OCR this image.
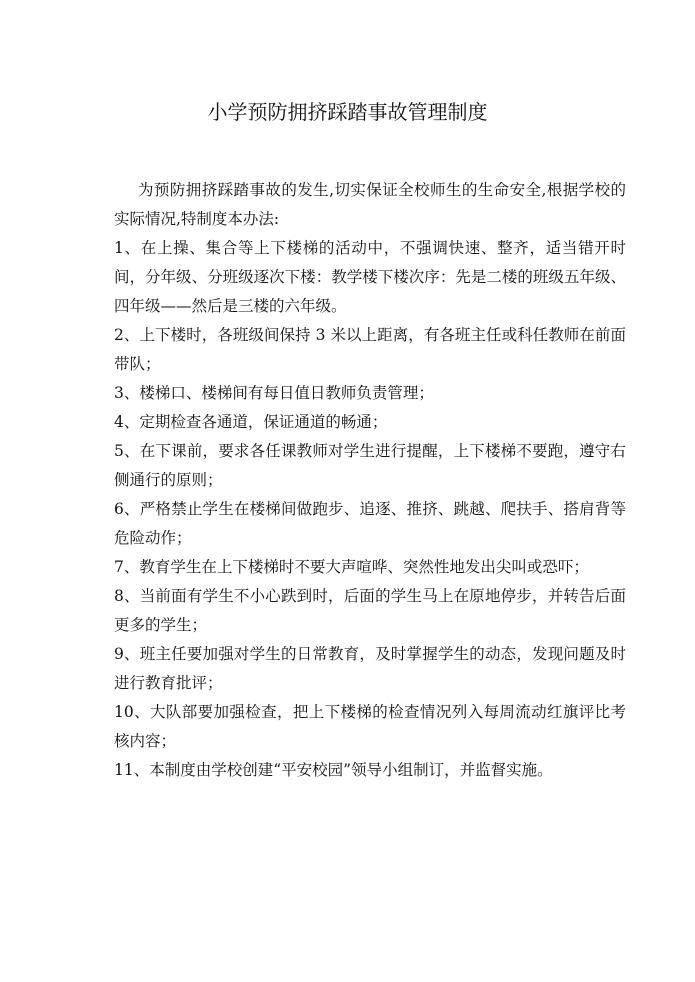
小学预防拥挤踩踏事故管理制度

为预防拥挤踩踏事故的发生,切实保证全校师生的生命安全,根据学校的实际情况,特制度本办法:

1、在上操、集合等上下楼梯的活动中，不强调快速、整齐，适当错开时间，分年级、分班级逐次下楼：教学楼下楼次序：先是二楼的班级五年级、四年级——然后是三楼的六年级。

2、上下楼时，各班级间保持 3 米以上距离，有各班主任或科任教师在前面带队；

3、楼梯口、楼梯间有每日值日教师负责管理；

4、定期检查各通道，保证通道的畅通；

5、在下课前，要求各任课教师对学生进行提醒，上下楼梯不要跑，遵守右侧通行的原则；

6、严格禁止学生在楼梯间做跑步、追逐、推挤、跳越、爬扶手、搭肩背等危险动作；

7、教育学生在上下楼梯时不要大声喧哗、突然性地发出尖叫或恐吓；

8、当前面有学生不小心跌到时，后面的学生马上在原地停步，并转告后面更多的学生；

9、班主任要加强对学生的日常教育，及时掌握学生的动态，发现问题及时进行教育批评；

10、大队部要加强检查，把上下楼梯的检查情况列入每周流动红旗评比考核内容；

11、本制度由学校创建“平安校园”领导小组制订，并监督实施。
